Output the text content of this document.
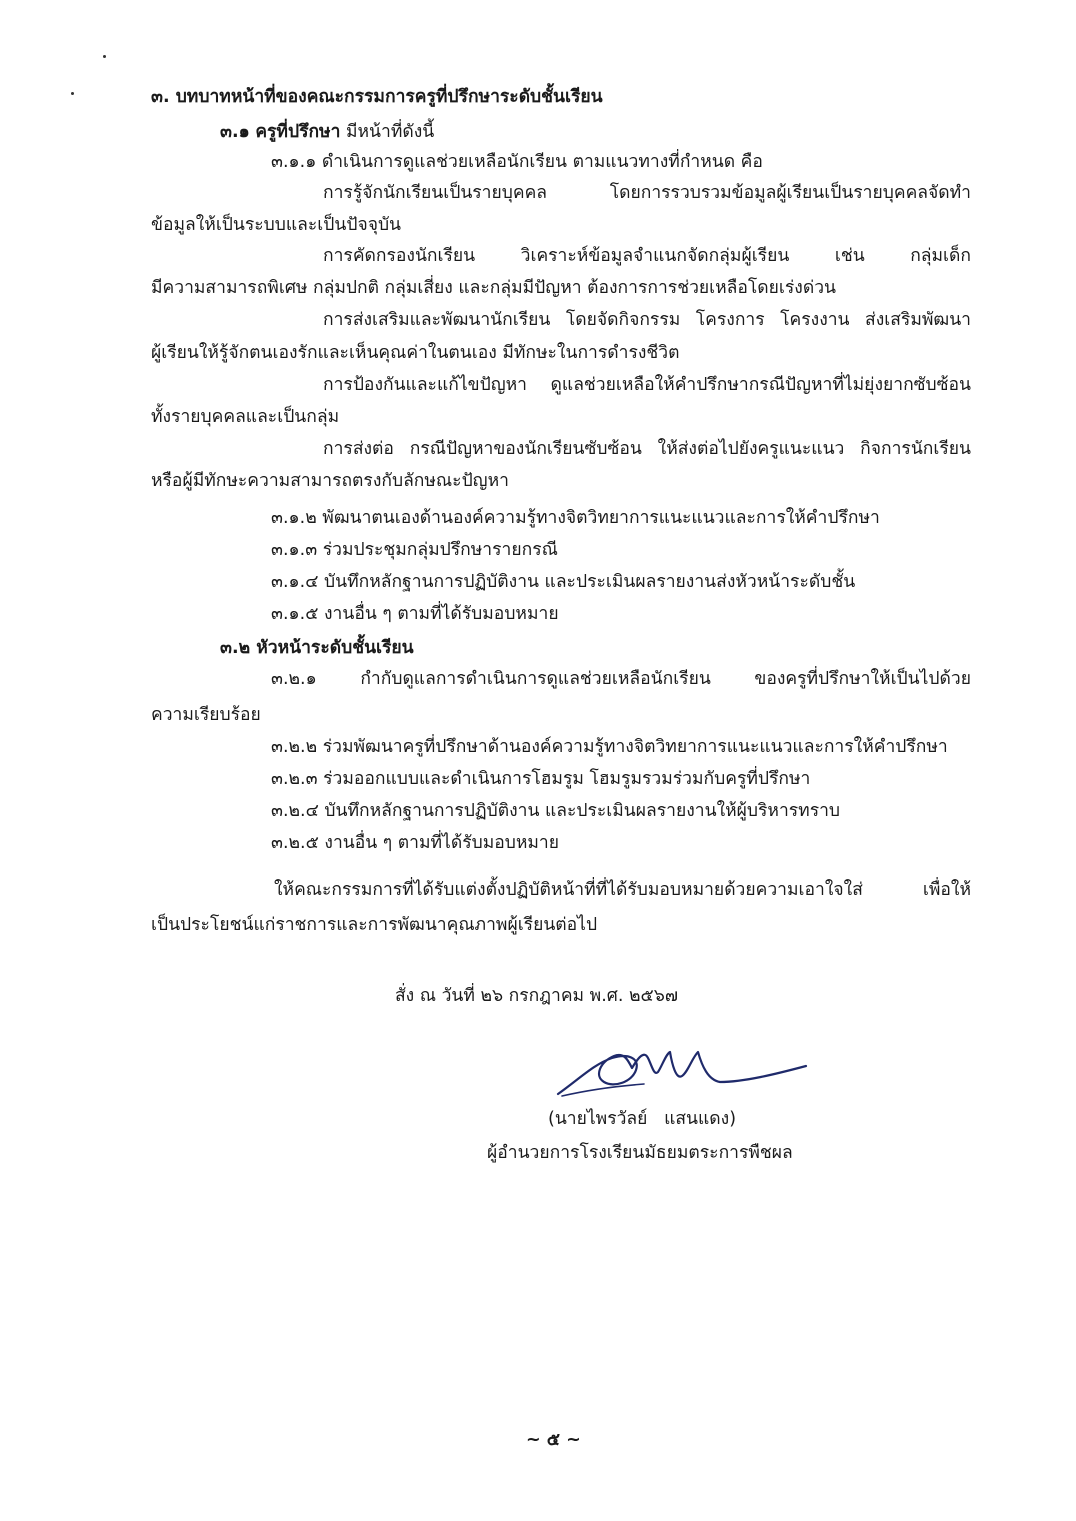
๓. บทบาทหน้าที่ของคณะกรรมการครูที่ปรึกษาระดับชั้นเรียน
๓.๑ ครูที่ปรึกษา มีหน้าที่ดังนี้
๓.๑.๑ ดำเนินการดูแลช่วยเหลือนักเรียน ตามแนวทางที่กำหนด คือ
การรู้จักนักเรียนเป็นรายบุคคล โดยการรวบรวมข้อมูลผู้เรียนเป็นรายบุคคลจัดทำ
ข้อมูลให้เป็นระบบและเป็นปัจจุบัน
การคัดกรองนักเรียน วิเคราะห์ข้อมูลจำแนกจัดกลุ่มผู้เรียน เช่น กลุ่มเด็ก
มีความสามารถพิเศษ กลุ่มปกติ กลุ่มเสี่ยง และกลุ่มมีปัญหา ต้องการการช่วยเหลือโดยเร่งด่วน
การส่งเสริมและพัฒนานักเรียน โดยจัดกิจกรรม โครงการ โครงงาน ส่งเสริมพัฒนา
ผู้เรียนให้รู้จักตนเองรักและเห็นคุณค่าในตนเอง มีทักษะในการดำรงชีวิต
การป้องกันและแก้ไขปัญหา ดูแลช่วยเหลือให้คำปรึกษากรณีปัญหาที่ไม่ยุ่งยากซับซ้อน
ทั้งรายบุคคลและเป็นกลุ่ม
การส่งต่อ กรณีปัญหาของนักเรียนซับซ้อน ให้ส่งต่อไปยังครูแนะแนว กิจการนักเรียน
หรือผู้มีทักษะความสามารถตรงกับลักษณะปัญหา
๓.๑.๒ พัฒนาตนเองด้านองค์ความรู้ทางจิตวิทยาการแนะแนวและการให้คำปรึกษา
๓.๑.๓ ร่วมประชุมกลุ่มปรึกษารายกรณี
๓.๑.๔ บันทึกหลักฐานการปฏิบัติงาน และประเมินผลรายงานส่งหัวหน้าระดับชั้น
๓.๑.๕ งานอื่น ๆ ตามที่ได้รับมอบหมาย
๓.๒ หัวหน้าระดับชั้นเรียน
๓.๒.๑ กำกับดูแลการดำเนินการดูแลช่วยเหลือนักเรียน ของครูที่ปรึกษาให้เป็นไปด้วย
ความเรียบร้อย
๓.๒.๒ ร่วมพัฒนาครูที่ปรึกษาด้านองค์ความรู้ทางจิตวิทยาการแนะแนวและการให้คำปรึกษา
๓.๒.๓ ร่วมออกแบบและดำเนินการโฮมรูม โฮมรูมรวมร่วมกับครูที่ปรึกษา
๓.๒.๔ บันทึกหลักฐานการปฏิบัติงาน และประเมินผลรายงานให้ผู้บริหารทราบ
๓.๒.๕ งานอื่น ๆ ตามที่ได้รับมอบหมาย
ให้คณะกรรมการที่ได้รับแต่งตั้งปฏิบัติหน้าที่ที่ได้รับมอบหมายด้วยความเอาใจใส่ เพื่อให้
เป็นประโยชน์แก่ราชการและการพัฒนาคุณภาพผู้เรียนต่อไป
สั่ง ณ วันที่ ๒๖ กรกฎาคม พ.ศ. ๒๕๖๗
(นายไพรวัลย์   แสนแดง)
ผู้อำนวยการโรงเรียนมัธยมตระการพืชผล
~ ๕ ~
